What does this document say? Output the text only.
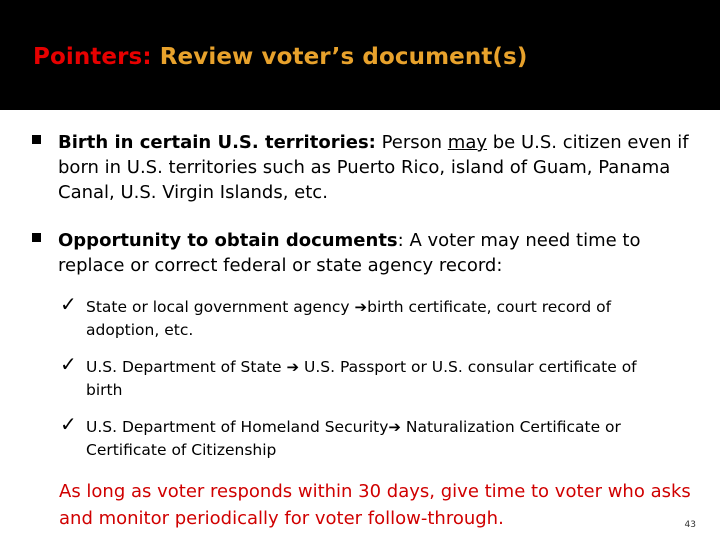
Pointers: Review voter’s document(s)
Birth in certain U.S. territories: Person may be U.S. citizen even if born in U.S. territories such as Puerto Rico, island of Guam, Panama Canal, U.S. Virgin Islands, etc.
Opportunity to obtain documents: A voter may need time to replace or correct federal or state agency record:
✓ State or local government agency ➔birth certificate, court record of adoption, etc.
✓ U.S. Department of State ➔ U.S. Passport or U.S. consular certificate of birth
✓ U.S. Department of Homeland Security➔ Naturalization Certificate or Certificate of Citizenship
As long as voter responds within 30 days, give time to voter who asks and monitor periodically for voter follow-through.	43
